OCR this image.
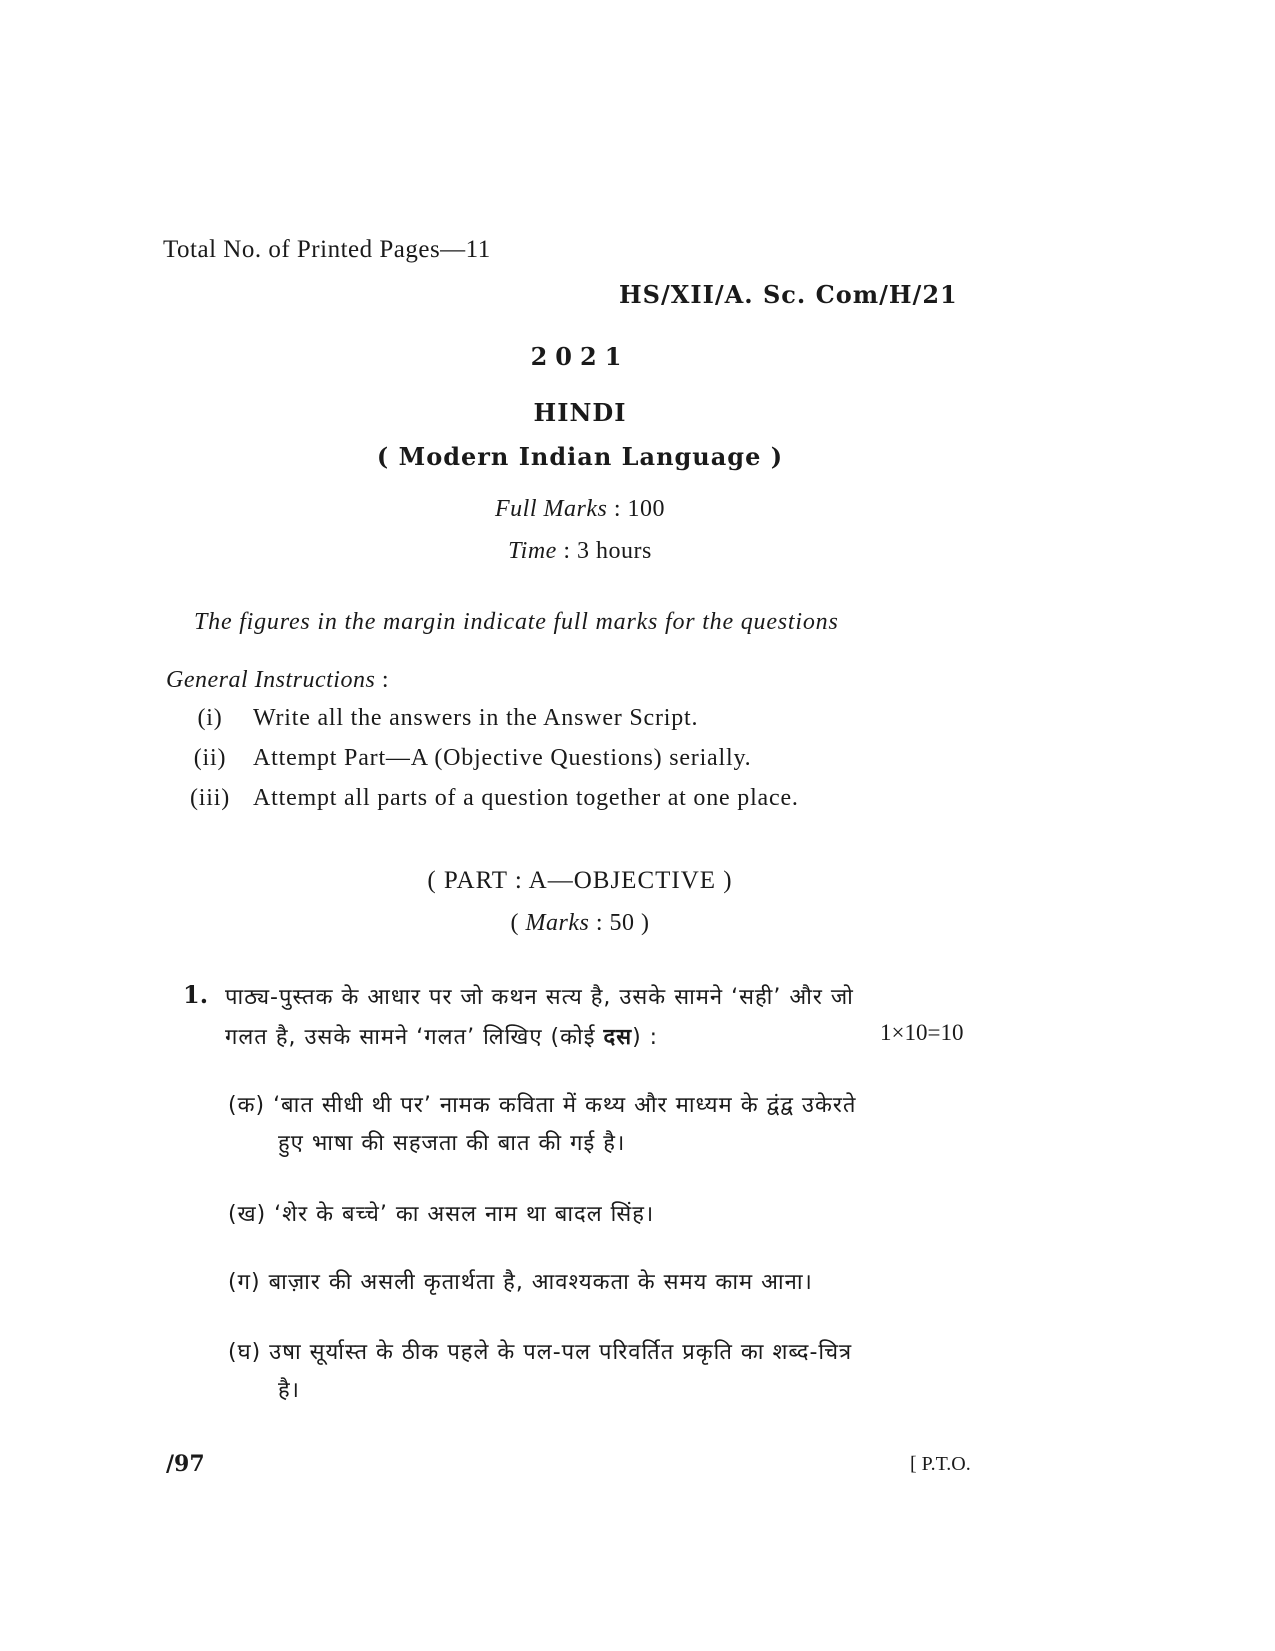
Total No. of Printed Pages—11
HS/XII/A. Sc. Com/H/21
2021
HINDI
( Modern Indian Language )
Full Marks : 100
Time : 3 hours
The figures in the margin indicate full marks for the questions
General Instructions :
(i)	Write all the answers in the Answer Script.
(ii)	Attempt Part—A (Objective Questions) serially.
(iii) Attempt all parts of a question together at one place.
( PART : A—OBJECTIVE )
( Marks : 50 )
1. पाठ्य-पुस्तक के आधार पर जो कथन सत्य है, उसके सामने ‘सही’ और जो
गलत है, उसके सामने ‘गलत’ लिखिए (कोई दस) :	1×10=10
(क) ‘बात सीधी थी पर’ नामक कविता में कथ्य और माध्यम के द्वंद्व उकेरते
हुए भाषा की सहजता की बात की गई है।
(ख) ‘शेर के बच्चे’ का असल नाम था बादल सिंह।
(ग) बाज़ार की असली कृतार्थता है, आवश्यकता के समय काम आना।
(घ) उषा सूर्यास्त के ठीक पहले के पल-पल परिवर्तित प्रकृति का शब्द-चित्र
है।
/97	[ P.T.O.
